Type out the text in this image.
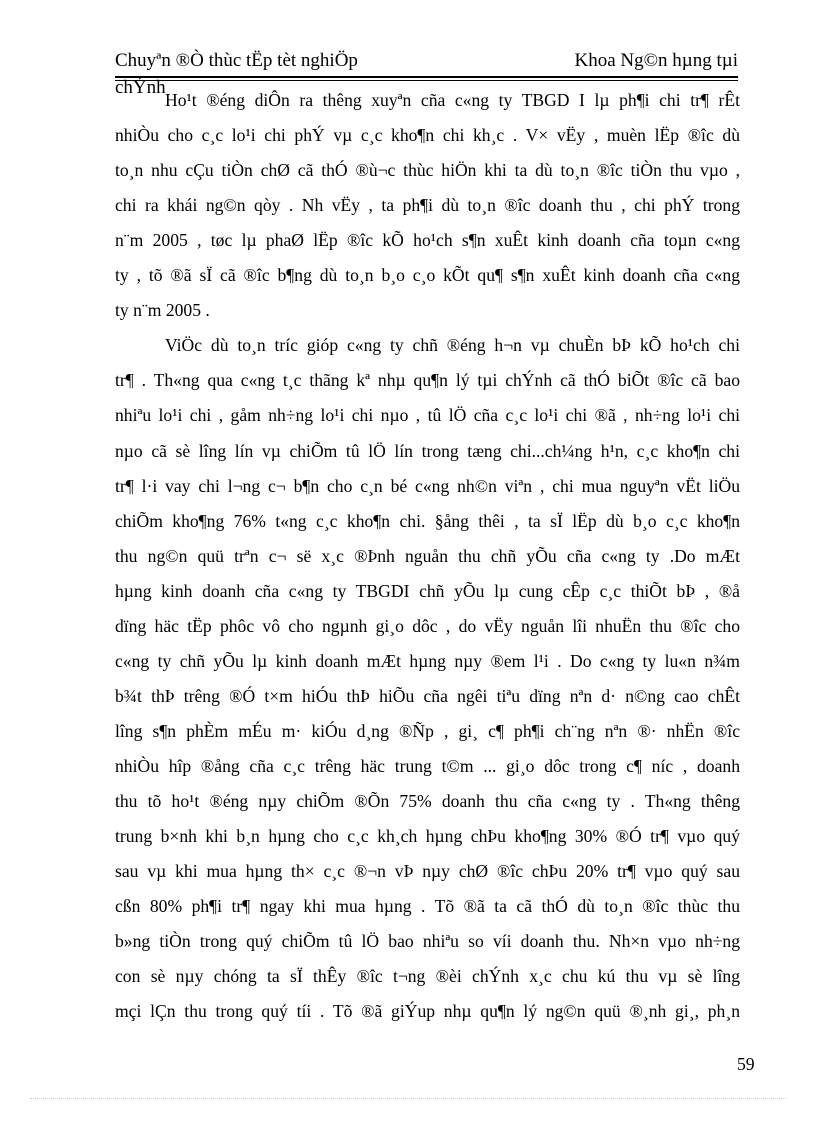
Chuyªn ®Ò thùc tËp tèt nghiÖp	Khoa Ng©n hµng tµi
chÝnh
Ho¹t ®éng diÔn ra thêng xuyªn cña c«ng ty TBGD I lµ ph¶i chi tr¶ rÊt
nhiÒu cho c¸c lo¹i chi phÝ vµ c¸c kho¶n chi kh¸c . V× vËy , muèn lËp ®îc dù
to¸n nhu cÇu tiÒn chØ cã thÓ ®ù¬c thùc hiÖn khi ta dù to¸n ®îc tiÒn thu vµo ,
chi ra khái ng©n qòy . Nh vËy , ta ph¶i dù to¸n ®îc doanh thu , chi phÝ trong
n¨m 2005 , tøc lµ phaØ lËp ®îc kÕ ho¹ch s¶n xuÊt kinh doanh cña toµn c«ng
ty , tõ ®ã sÏ cã ®îc b¶ng dù to¸n b¸o c¸o kÕt qu¶ s¶n xuÊt kinh doanh cña c«ng
ty n¨m 2005 .
ViÖc dù to¸n tríc gióp c«ng ty chñ ®éng h¬n vµ chuÈn bÞ kÕ ho¹ch chi
tr¶ . Th«ng qua c«ng t¸c thãng kª nhµ qu¶n lý tµi chÝnh cã thÓ biÕt ®îc cã bao
nhiªu lo¹i chi , gåm nh÷ng lo¹i chi nµo , tû lÖ cña c¸c lo¹i chi ®ã , nh÷ng lo¹i chi
nµo cã sè lîng lín vµ chiÕm tû lÖ lín trong tæng chi...ch¼ng h¹n, c¸c kho¶n chi
tr¶ l·i vay chi l¬ng c¬ b¶n cho c¸n bé c«ng nh©n viªn , chi mua nguyªn vËt liÖu
chiÕm kho¶ng 76% t«ng c¸c kho¶n chi. §ång thêi , ta sÏ lËp dù b¸o c¸c kho¶n
thu ng©n quü trªn c¬ së x¸c ®Þnh nguån thu chñ yÕu cña c«ng ty .Do mÆt
hµng kinh doanh cña c«ng ty TBGDI chñ yÕu lµ cung cÊp c¸c thiÕt bÞ , ®å
dïng häc tËp phôc vô cho ngµnh gi¸o dôc , do vËy nguån lîi nhuËn thu ®îc cho
c«ng ty chñ yÕu lµ kinh doanh mÆt hµng nµy ®em l¹i . Do c«ng ty lu«n n¾m
b¾t thÞ trêng ®Ó t×m hiÓu thÞ hiÕu cña ngêi tiªu dïng nªn d· n©ng cao chÊt
lîng s¶n phÈm mÉu m· kiÓu d¸ng ®Ñp , gi¸ c¶ ph¶i ch¨ng nªn ®· nhËn ®îc
nhiÒu hîp ®ång cña c¸c trêng häc trung t©m ... gi¸o dôc trong c¶ níc , doanh
thu tõ ho¹t ®éng nµy chiÕm ®Õn 75% doanh thu cña c«ng ty . Th«ng thêng
trung b×nh khi b¸n hµng cho c¸c kh¸ch hµng chÞu kho¶ng 30% ®Ó tr¶ vµo quý
sau vµ khi mua hµng th× c¸c ®¬n vÞ nµy chØ ®îc chÞu 20% tr¶ vµo quý sau
cßn 80% ph¶i tr¶ ngay khi mua hµng . Tõ ®ã ta cã thÓ dù to¸n ®îc thùc thu
b»ng tiÒn trong quý chiÕm tû lÖ bao nhiªu so víi doanh thu. Nh×n vµo nh÷ng
con sè nµy chóng ta sÏ thÊy ®îc t¬ng ®èi chÝnh x¸c chu kú thu vµ sè lîng
mçi lÇn thu trong quý tíi . Tõ ®ã giÝup nhµ qu¶n lý ng©n quü ®¸nh gi¸, ph¸n
59
